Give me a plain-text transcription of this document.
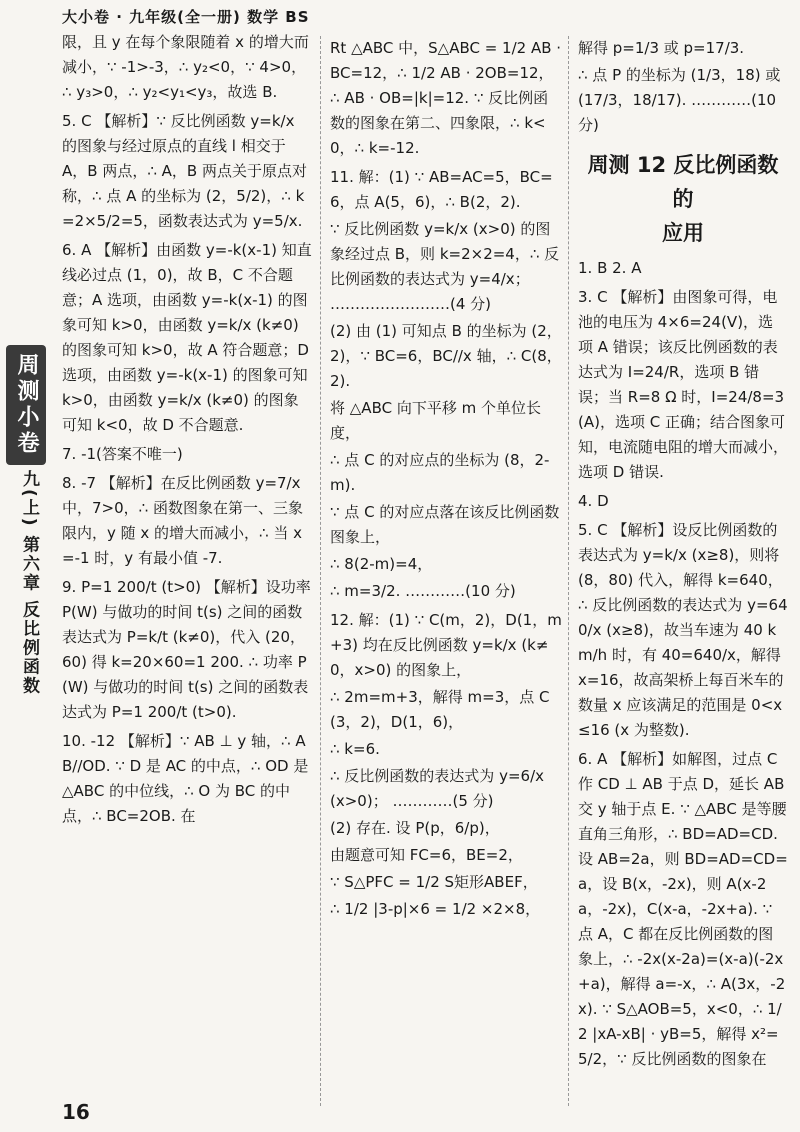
大小卷 · 九年级(全一册) 数学 BS
周测小卷
九(上) 第六章 反比例函数

限，且 y 在每个象限随着 x 的增大而减小，∵ -1>-3，∴ y₂<0，∵ 4>0，∴ y₃>0，∴ y₂<y₁<y₃，故选 B.

5. C 【解析】∵ 反比例函数 y=k/x 的图象与经过原点的直线 l 相交于 A，B 两点，∴ A，B 两点关于原点对称，∴ 点 A 的坐标为 (2，5/2)，∴ k=2×5/2=5，函数表达式为 y=5/x.

6. A 【解析】由函数 y=-k(x-1) 知直线必过点 (1，0)，故 B，C 不合题意；A 选项，由函数 y=-k(x-1) 的图象可知 k>0，由函数 y=k/x (k≠0) 的图象可知 k>0，故 A 符合题意；D 选项，由函数 y=-k(x-1) 的图象可知 k>0，由函数 y=k/x (k≠0) 的图象可知 k<0，故 D 不合题意.

7. -1(答案不唯一)

8. -7 【解析】在反比例函数 y=7/x 中，7>0，∴ 函数图象在第一、三象限内，y 随 x 的增大而减小，∴ 当 x=-1 时，y 有最小值 -7.

9. P=1 200/t (t>0) 【解析】设功率 P(W) 与做功的时间 t(s) 之间的函数表达式为 P=k/t (k≠0)，代入 (20，60) 得 k=20×60=1 200. ∴ 功率 P(W) 与做功的时间 t(s) 之间的函数表达式为 P=1 200/t (t>0).

10. -12 【解析】∵ AB ⊥ y 轴，∴ AB//OD. ∵ D 是 AC 的中点，∴ OD 是 △ABC 的中位线，∴ O 为 BC 的中点，∴ BC=2OB. 在

Rt △ABC 中，S△ABC = 1/2 AB · BC=12，∴ 1/2 AB · 2OB=12，∴ AB · OB=|k|=12. ∵ 反比例函数的图象在第二、四象限，∴ k<0，∴ k=-12.

11. 解：(1) ∵ AB=AC=5，BC=6，点 A(5，6)，∴ B(2，2).

∵ 反比例函数 y=k/x (x>0) 的图象经过点 B，则 k=2×2=4，∴ 反比例函数的表达式为 y=4/x； ……………………(4 分)

(2) 由 (1) 可知点 B 的坐标为 (2，2)，∵ BC=6，BC//x 轴，∴ C(8，2).

将 △ABC 向下平移 m 个单位长度，

∴ 点 C 的对应点的坐标为 (8，2-m).

∵ 点 C 的对应点落在该反比例函数图象上，

∴ 8(2-m)=4，

∴ m=3/2. …………(10 分)

12. 解：(1) ∵ C(m，2)，D(1，m+3) 均在反比例函数 y=k/x (k≠0，x>0) 的图象上，

∴ 2m=m+3，解得 m=3，点 C(3，2)，D(1，6)，

∴ k=6.

∴ 反比例函数的表达式为 y=6/x (x>0)； …………(5 分)

(2) 存在. 设 P(p，6/p)，

由题意可知 FC=6，BE=2，

∵ S△PFC = 1/2 S矩形ABEF，

∴ 1/2 |3-p|×6 = 1/2 ×2×8，

解得 p=1/3 或 p=17/3.

∴ 点 P 的坐标为 (1/3，18) 或 (17/3，18/17). …………(10 分)

周测 12 反比例函数的
应用

1. B 2. A

3. C 【解析】由图象可得，电池的电压为 4×6=24(V)，选项 A 错误；该反比例函数的表达式为 I=24/R，选项 B 错误；当 R=8 Ω 时，I=24/8=3(A)，选项 C 正确；结合图象可知，电流随电阻的增大而减小，选项 D 错误.

4. D

5. C 【解析】设反比例函数的表达式为 y=k/x (x≥8)，则将 (8，80) 代入，解得 k=640，∴ 反比例函数的表达式为 y=640/x (x≥8)，故当车速为 40 km/h 时，有 40=640/x，解得 x=16，故高架桥上每百米车的数量 x 应该满足的范围是 0<x≤16 (x 为整数).

6. A 【解析】如解图，过点 C 作 CD ⊥ AB 于点 D，延长 AB 交 y 轴于点 E. ∵ △ABC 是等腰直角三角形，∴ BD=AD=CD. 设 AB=2a，则 BD=AD=CD=a，设 B(x，-2x)，则 A(x-2a，-2x)，C(x-a，-2x+a). ∵ 点 A，C 都在反比例函数的图象上，∴ -2x(x-2a)=(x-a)(-2x+a)，解得 a=-x，∴ A(3x，-2x). ∵ S△AOB=5，x<0，∴ 1/2 |xA-xB| · yB=5，解得 x²=5/2，∵ 反比例函数的图象在

16
